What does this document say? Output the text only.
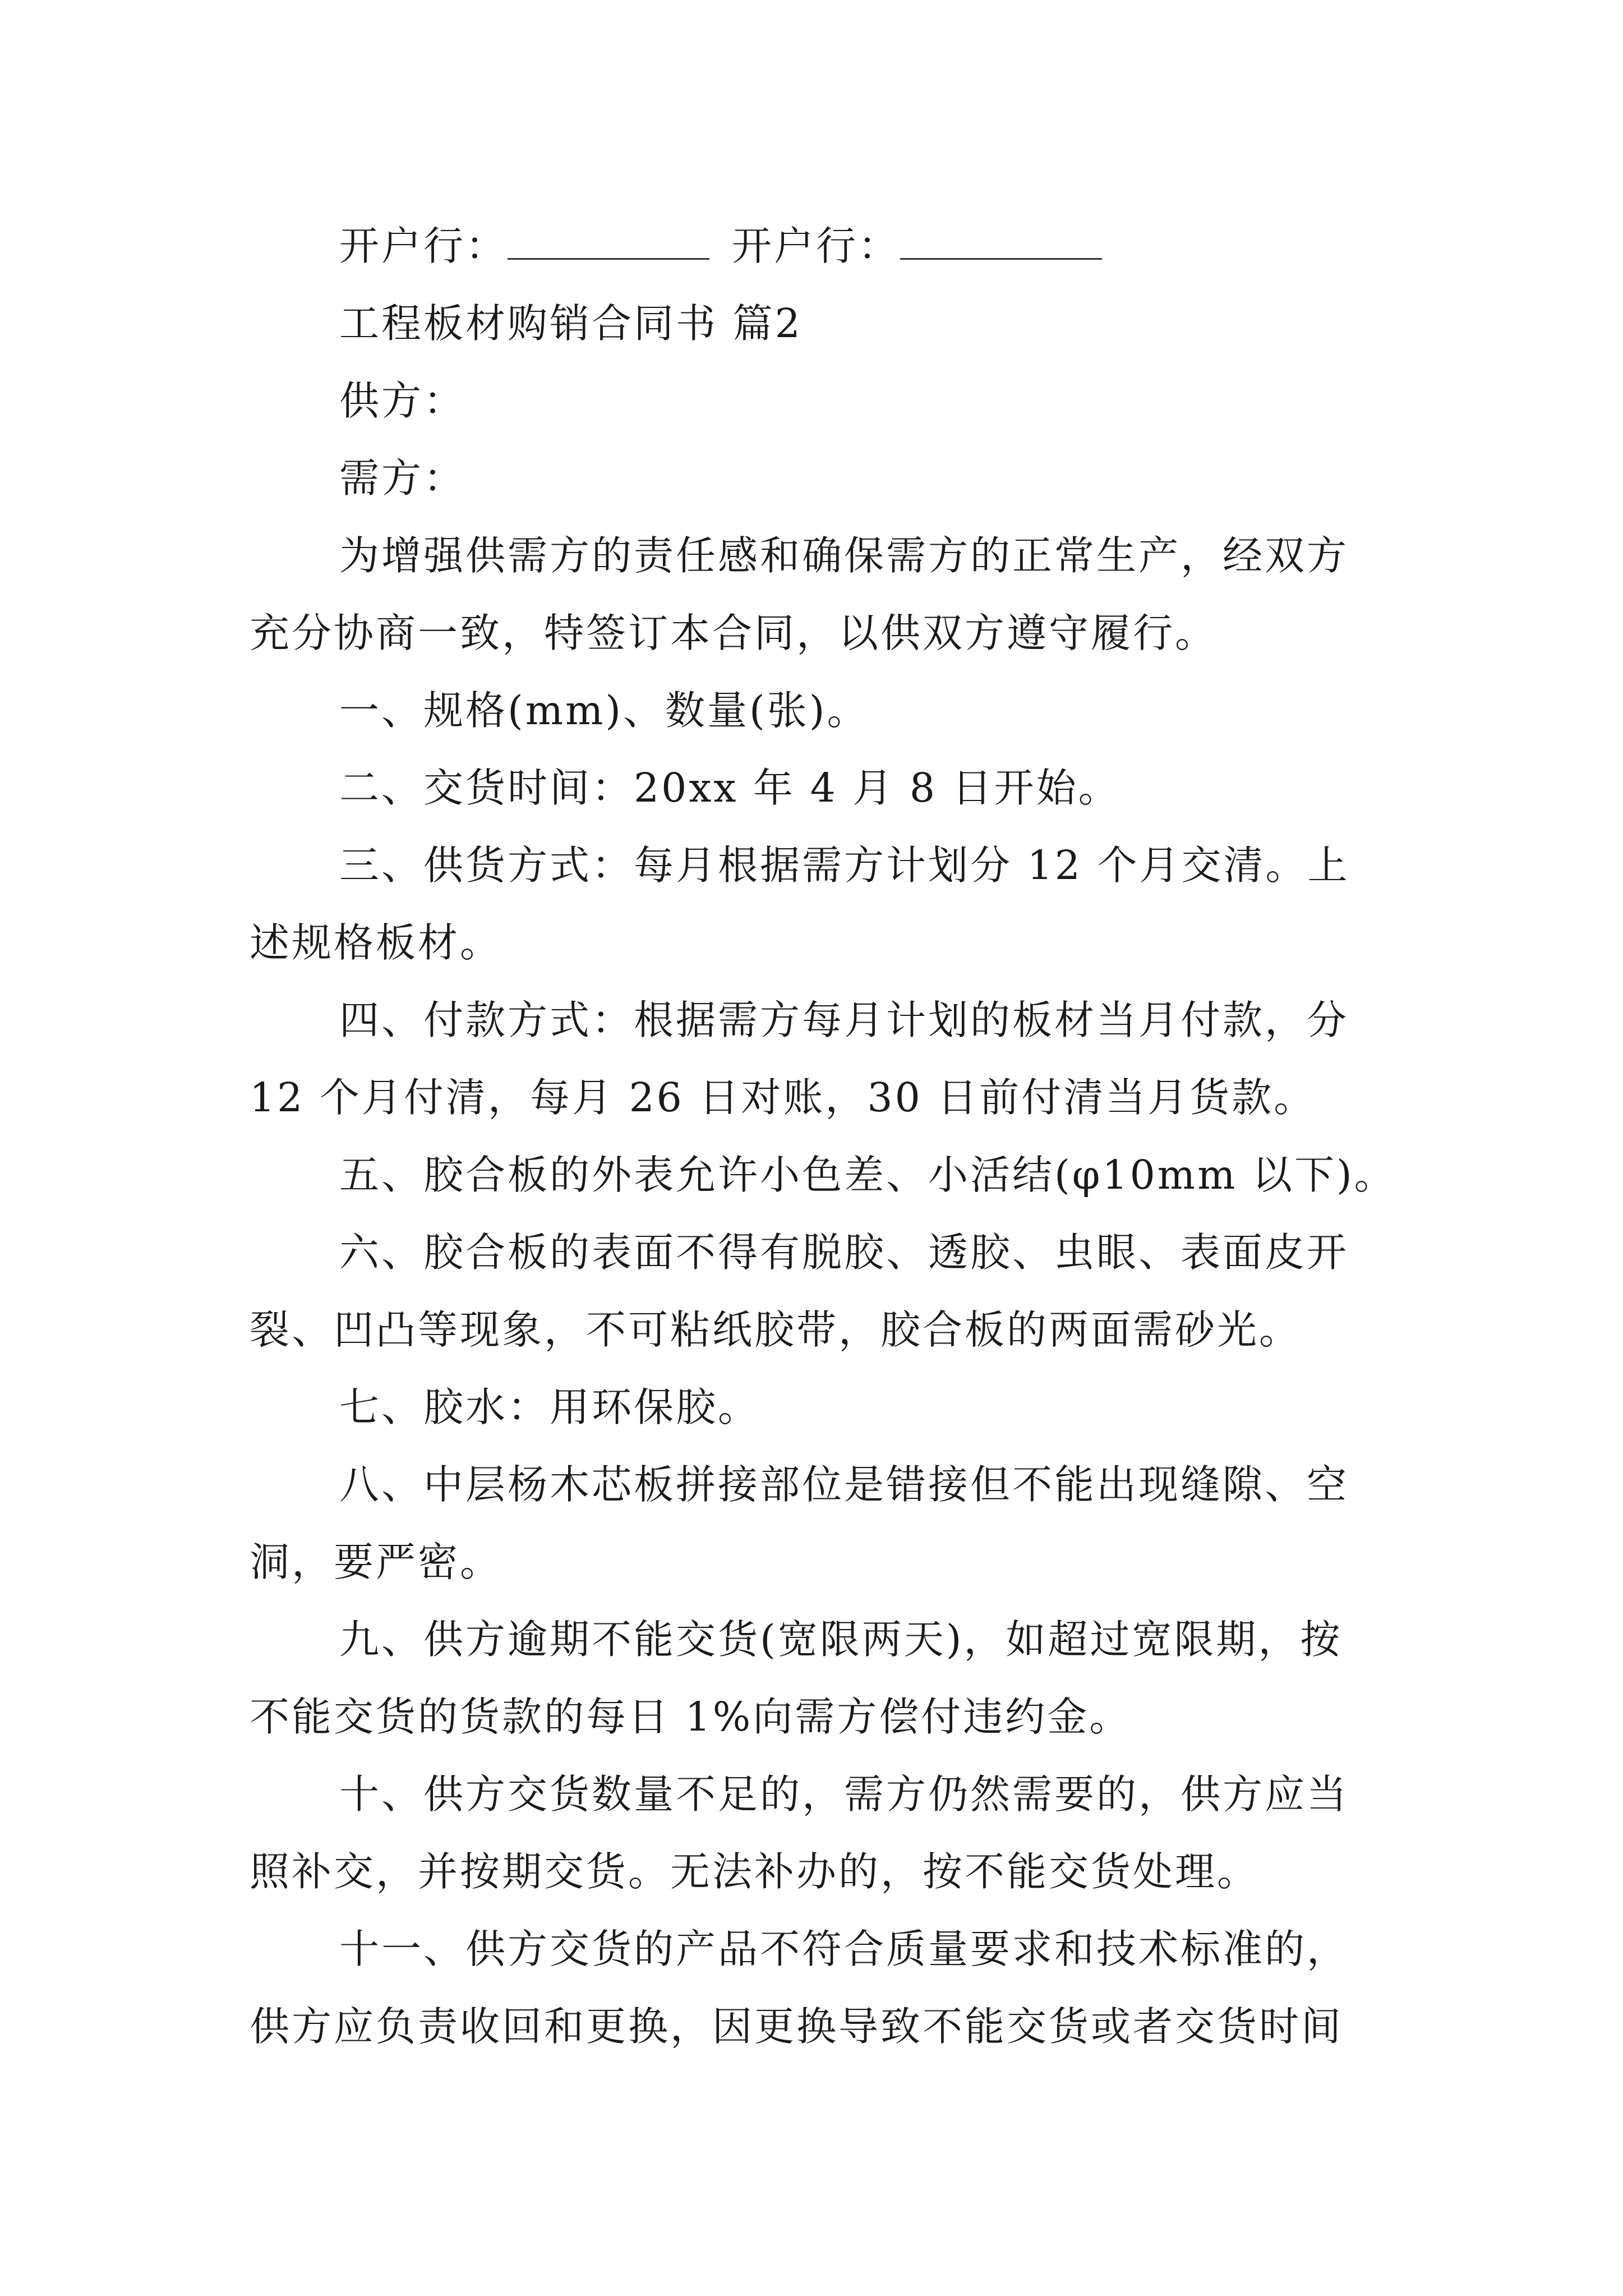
开户行：	开户行：

工程板材购销合同书 篇2

供方：

需方：

为增强供需方的责任感和确保需方的正常生产，经双方

充分协商一致，特签订本合同，以供双方遵守履行。

一、规格(mm)、数量(张)。

二、交货时间：20xx 年 4 月 8 日开始。

三、供货方式：每月根据需方计划分 12 个月交清。上

述规格板材。

四、付款方式：根据需方每月计划的板材当月付款，分

12 个月付清，每月 26 日对账，30 日前付清当月货款。

五、胶合板的外表允许小色差、小活结(φ10mm 以下)。

六、胶合板的表面不得有脱胶、透胶、虫眼、表面皮开

裂、凹凸等现象，不可粘纸胶带，胶合板的两面需砂光。

七、胶水：用环保胶。

八、中层杨木芯板拼接部位是错接但不能出现缝隙、空

洞，要严密。

九、供方逾期不能交货(宽限两天)，如超过宽限期，按

不能交货的货款的每日 1%向需方偿付违约金。

十、供方交货数量不足的，需方仍然需要的，供方应当

照补交，并按期交货。无法补办的，按不能交货处理。

十一、供方交货的产品不符合质量要求和技术标准的，

供方应负责收回和更换，因更换导致不能交货或者交货时间
